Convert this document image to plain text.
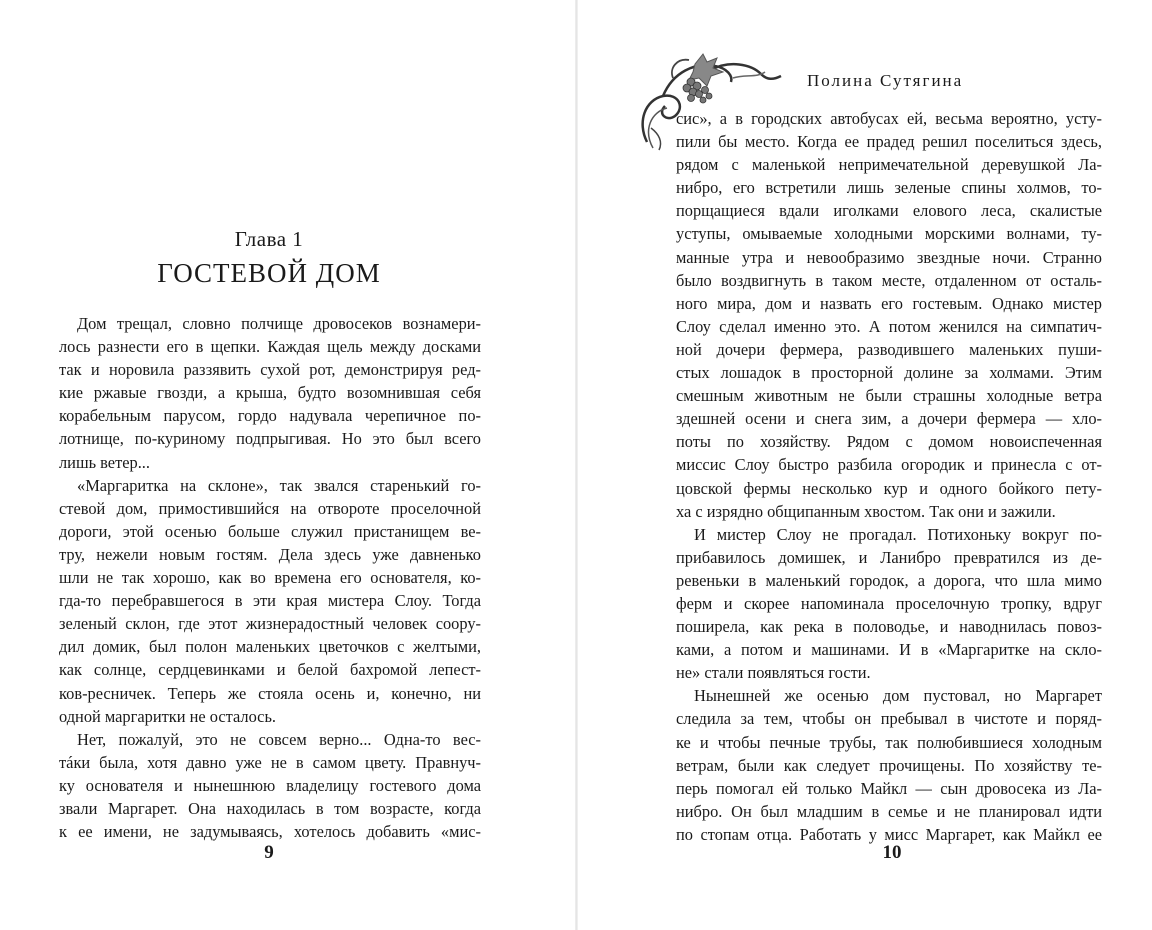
Глава 1
ГОСТЕВОЙ ДОМ
Дом трещал, словно полчище дровосеков вознамери-
лось разнести его в щепки. Каждая щель между досками
так и норовила раззявить сухой рот, демонстрируя ред-
кие ржавые гвозди, а крыша, будто возомнившая себя
корабельным парусом, гордо надувала черепичное по-
лотнище, по-куриному подпрыгивая. Но это был всего
лишь ветер...
«Маргаритка на склоне», так звался старенький го-
стевой дом, примостившийся на отвороте проселочной
дороги, этой осенью больше служил пристанищем ве-
тру, нежели новым гостям. Дела здесь уже давненько
шли не так хорошо, как во времена его основателя, ко-
гда-то перебравшегося в эти края мистера Слоу. Тогда
зеленый склон, где этот жизнерадостный человек соору-
дил домик, был полон маленьких цветочков с желтыми,
как солнце, сердцевинками и белой бахромой лепест-
ков-ресничек. Теперь же стояла осень и, конечно, ни
одной маргаритки не осталось.
Нет, пожалуй, это не совсем верно... Одна-то вес-
тáки была, хотя давно уже не в самом цвету. Правнуч-
ку основателя и нынешнюю владелицу гостевого дома
звали Маргарет. Она находилась в том возрасте, когда
к ее имени, не задумываясь, хотелось добавить «мис-
9
Полина Сутягина
сис», а в городских автобусах ей, весьма вероятно, усту-
пили бы место. Когда ее прадед решил поселиться здесь,
рядом с маленькой непримечательной деревушкой Ла-
нибро, его встретили лишь зеленые спины холмов, то-
порщащиеся вдали иголками елового леса, скалистые
уступы, омываемые холодными морскими волнами, ту-
манные утра и невообразимо звездные ночи. Странно
было воздвигнуть в таком месте, отдаленном от осталь-
ного мира, дом и назвать его гостевым. Однако мистер
Слоу сделал именно это. А потом женился на симпатич-
ной дочери фермера, разводившего маленьких пуши-
стых лошадок в просторной долине за холмами. Этим
смешным животным не были страшны холодные ветра
здешней осени и снега зим, а дочери фермера — хло-
поты по хозяйству. Рядом с домом новоиспеченная
миссис Слоу быстро разбила огородик и принесла с от-
цовской фермы несколько кур и одного бойкого пету-
ха с изрядно общипанным хвостом. Так они и зажили.
И мистер Слоу не прогадал. Потихоньку вокруг по-
прибавилось домишек, и Ланибро превратился из де-
ревеньки в маленький городок, а дорога, что шла мимо
ферм и скорее напоминала проселочную тропку, вдруг
поширела, как река в половодье, и наводнилась повоз-
ками, а потом и машинами. И в «Маргаритке на скло-
не» стали появляться гости.
Нынешней же осенью дом пустовал, но Маргарет
следила за тем, чтобы он пребывал в чистоте и поряд-
ке и чтобы печные трубы, так полюбившиеся холодным
ветрам, были как следует прочищены. По хозяйству те-
перь помогал ей только Майкл — сын дровосека из Ла-
нибро. Он был младшим в семье и не планировал идти
по стопам отца. Работать у мисс Маргарет, как Майкл ее
10
